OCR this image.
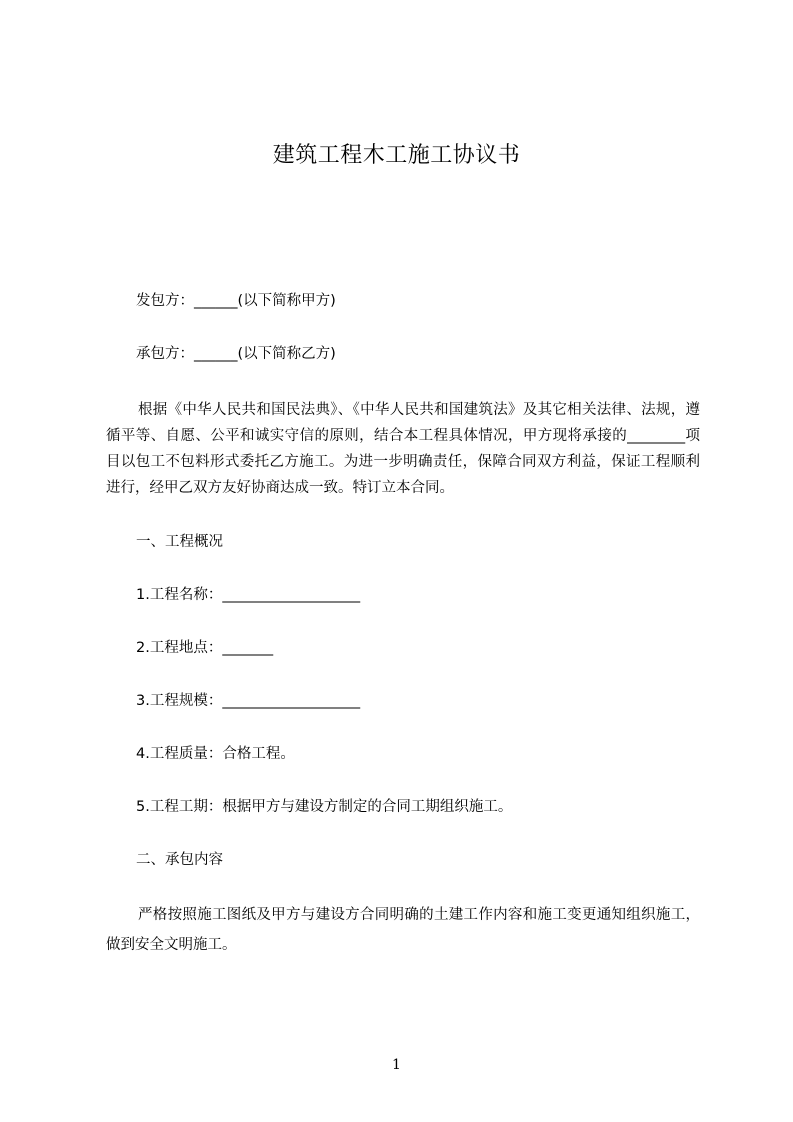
建筑工程木工施工协议书
发包方：______(以下简称甲方)
承包方：______(以下简称乙方)
根据《中华人民共和国民法典》、《中华人民共和国建筑法》及其它相关法律、法规，遵循平等、自愿、公平和诚实守信的原则，结合本工程具体情况，甲方现将承接的________项目以包工不包料形式委托乙方施工。为进一步明确责任，保障合同双方利益，保证工程顺利进行，经甲乙双方友好协商达成一致。特订立本合同。
一、工程概况
1.工程名称：___________________
2.工程地点：_______
3.工程规模：___________________
4.工程质量：合格工程。
5.工程工期：根据甲方与建设方制定的合同工期组织施工。
二、承包内容
严格按照施工图纸及甲方与建设方合同明确的土建工作内容和施工变更通知组织施工，做到安全文明施工。
1
